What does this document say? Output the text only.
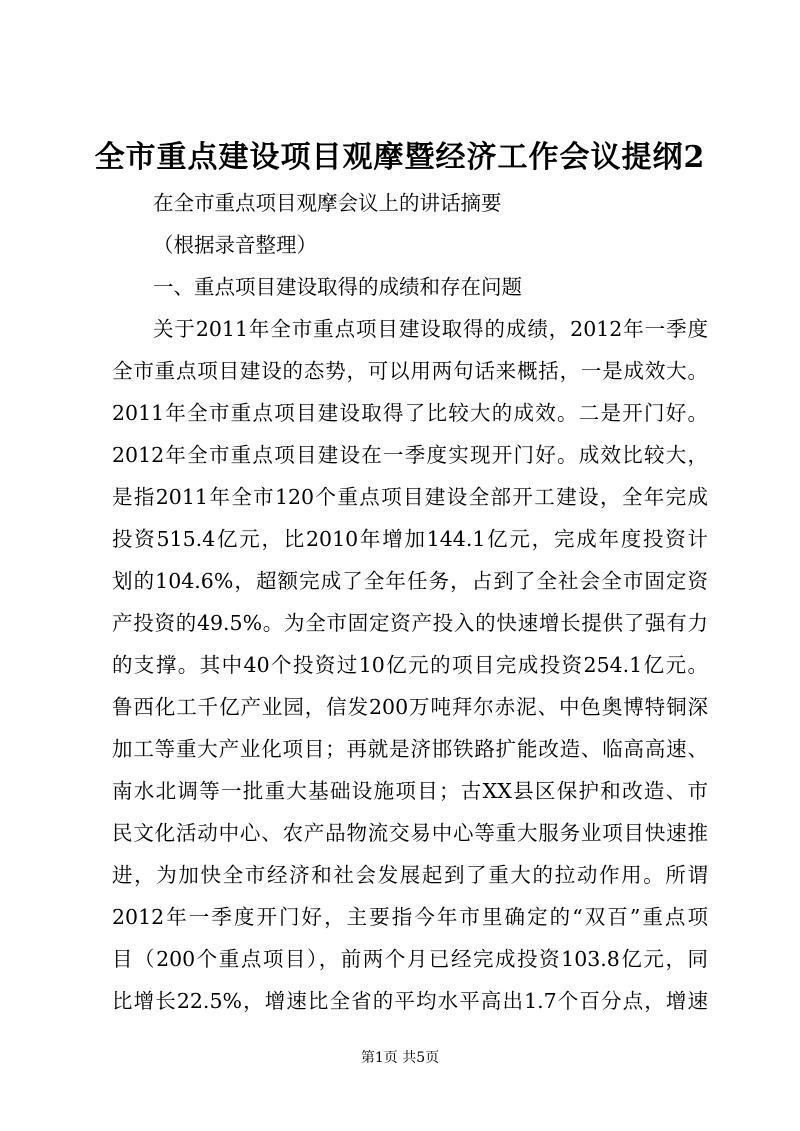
全市重点建设项目观摩暨经济工作会议提纲2
在全市重点项目观摩会议上的讲话摘要
（根据录音整理）
一、重点项目建设取得的成绩和存在问题
关于2011年全市重点项目建设取得的成绩，2012年一季度
全市重点项目建设的态势，可以用两句话来概括，一是成效大。
2011年全市重点项目建设取得了比较大的成效。二是开门好。
2012年全市重点项目建设在一季度实现开门好。成效比较大，
是指2011年全市120个重点项目建设全部开工建设，全年完成
投资515.4亿元，比2010年增加144.1亿元，完成年度投资计
划的104.6%，超额完成了全年任务，占到了全社会全市固定资
产投资的49.5%。为全市固定资产投入的快速增长提供了强有力
的支撑。其中40个投资过10亿元的项目完成投资254.1亿元。
鲁西化工千亿产业园，信发200万吨拜尔赤泥、中色奥博特铜深
加工等重大产业化项目；再就是济邯铁路扩能改造、临高高速、
南水北调等一批重大基础设施项目；古XX县区保护和改造、市
民文化活动中心、农产品物流交易中心等重大服务业项目快速推
进，为加快全市经济和社会发展起到了重大的拉动作用。所谓
2012年一季度开门好，主要指今年市里确定的“双百”重点项
目（200个重点项目），前两个月已经完成投资103.8亿元，同
比增长22.5%，增速比全省的平均水平高出1.7个百分点，增速
第1页 共5页
